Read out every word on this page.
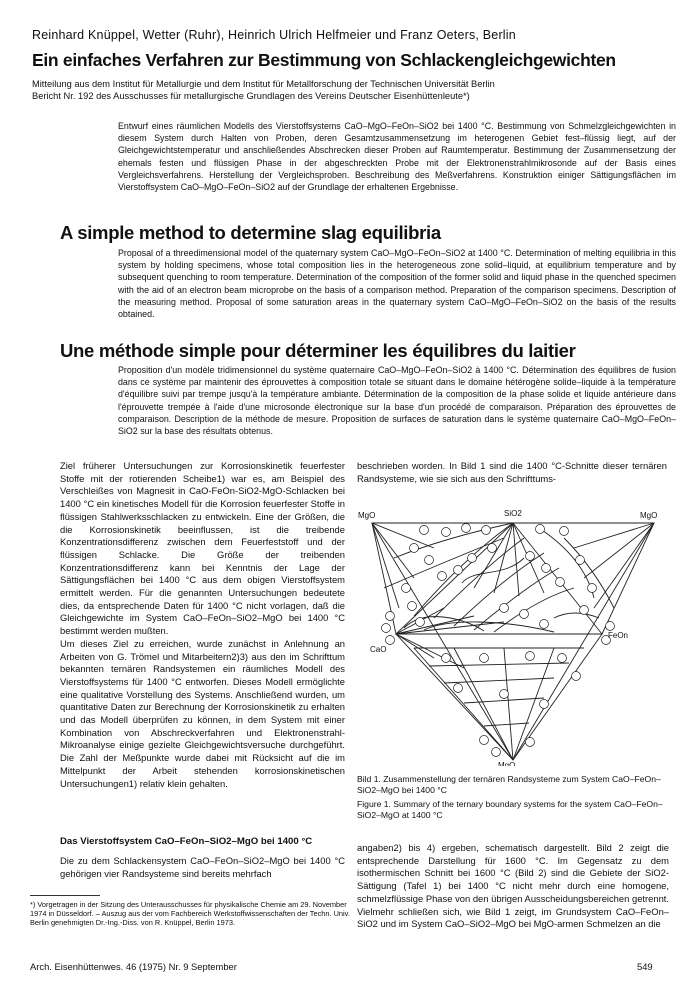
Reinhard Knüppel, Wetter (Ruhr), Heinrich Ulrich Helfmeier und Franz Oeters, Berlin
Ein einfaches Verfahren zur Bestimmung von Schlackengleichgewichten
Mitteilung aus dem Institut für Metallurgie und dem Institut für Metallforschung der Technischen Universität Berlin
Bericht Nr. 192 des Ausschusses für metallurgische Grundlagen des Vereins Deutscher Eisenhüttenleute*)
Entwurf eines räumlichen Modells des Vierstoffsystems CaO–MgO–FeOn–SiO2 bei 1400 °C. Bestimmung von Schmelzgleichgewichten in diesem System durch Halten von Proben, deren Gesamtzusammensetzung im heterogenen Gebiet fest–flüssig liegt, auf der Gleichgewichtstemperatur und anschließendes Abschrecken dieser Proben auf Raumtemperatur. Bestimmung der Zusammensetzung der ehemals festen und flüssigen Phase in der abgeschreckten Probe mit der Elektronenstrahlmikrosonde auf der Basis eines Vergleichsverfahrens. Herstellung der Vergleichsproben. Beschreibung des Meßverfahrens. Konstruktion einiger Sättigungsflächen im Vierstoffsystem CaO–MgO–FeOn–SiO2 auf der Grundlage der erhaltenen Ergebnisse.
A simple method to determine slag equilibria
Proposal of a threedimensional model of the quaternary system CaO–MgO–FeOn–SiO2 at 1400 °C. Determination of melting equilibria in this system by holding specimens, whose total composition lies in the heterogeneous zone solid–liquid, at equilibrium temperature and by subsequent quenching to room temperature. Determination of the composition of the former solid and liquid phase in the quenched specimen with the aid of an electron beam microprobe on the basis of a comparison method. Preparation of the comparison specimens. Description of the measuring method. Proposal of some saturation areas in the quaternary system CaO–MgO–FeOn–SiO2 on the basis of the results obtained.
Une méthode simple pour déterminer les équilibres du laitier
Proposition d'un modèle tridimensionnel du système quaternaire CaO–MgO–FeOn–SiO2 à 1400 °C. Détermination des équilibres de fusion dans ce système par maintenir des éprouvettes à composition totale se situant dans le domaine hétérogène solide–liquide à la température d'équilibre suivi par trempe jusqu'à la température ambiante. Détermination de la composition de la phase solide et liquide antérieure dans l'éprouvette trempée à l'aide d'une microsonde électronique sur la base d'un procédé de comparaison. Préparation des éprouvettes de comparaison. Description de la méthode de mesure. Proposition de surfaces de saturation dans le système quaternaire CaO–MgO–FeOn–SiO2 sur la base des résultats obtenus.

Ziel früherer Untersuchungen zur Korrosionskinetik feuerfester Stoffe mit der rotierenden Scheibe1) war es, am Beispiel des Verschleißes von Magnesit in CaO-FeOn-SiO2-MgO-Schlacken bei 1400 °C ein kinetisches Modell für die Korrosion feuerfester Stoffe in flüssigen Stahlwerksschlacken zu entwickeln. Eine der Größen, die die Korrosionskinetik beeinflussen, ist die treibende Konzentrationsdifferenz zwischen dem Feuerfeststoff und der flüssigen Schlacke. Die Größe der treibenden Konzentrationsdifferenz kann bei Kenntnis der Lage der Sättigungsflächen bei 1400 °C aus dem obigen Vierstoffsystem ermittelt werden. Für die genannten Untersuchungen bedeutete dies, da entsprechende Daten für 1400 °C nicht vorlagen, daß die Gleichgewichte im System CaO–FeOn–SiO2–MgO bei 1400 °C bestimmt werden mußten.

Um dieses Ziel zu erreichen, wurde zunächst in Anlehnung an Arbeiten von G. Trömel und Mitarbeitern2)3) aus den im Schrifttum bekannten ternären Randsystemen ein räumliches Modell des Vierstoffsystems für 1400 °C entworfen. Dieses Modell ermöglichte eine qualitative Vorstellung des Systems. Anschließend wurden, um quantitative Daten zur Berechnung der Korrosionskinetik zu erhalten und das Modell überprüfen zu können, in dem System mit einer Kombination von Abschreckverfahren und Elektronenstrahl-Mikroanalyse einige gezielte Gleichgewichtsversuche durchgeführt. Die Zahl der Meßpunkte wurde dabei mit Rücksicht auf die im Mittelpunkt der Arbeit stehenden korrosionskinetischen Untersuchungen1) relativ klein gehalten.

Das Vierstoffsystem CaO–FeOn–SiO2–MgO bei 1400 °C
Die zu dem Schlackensystem CaO–FeOn–SiO2–MgO bei 1400 °C gehörigen vier Randsysteme sind bereits mehrfach
*) Vorgetragen in der Sitzung des Unterausschusses für physikalische Chemie am 29. November 1974 in Düsseldorf. – Auszug aus der vom Fachbereich Werkstoffwissenschaften der Techn. Univ. Berlin genehmigten Dr.-Ing.-Diss. von R. Knüppel, Berlin 1973.
beschrieben worden. In Bild 1 sind die 1400 °C-Schnitte dieser ternären Randsysteme, wie sie sich aus den Schrifttums-
MgO	SiO2	MgO
CaO
FeOn
MgO
Bild 1. Zusammenstellung der ternären Randsysteme zum System CaO–FeOn–SiO2–MgO bei 1400 °C
Figure 1. Summary of the ternary boundary systems for the system CaO–FeOn–SiO2–MgO at 1400 °C
angaben2) bis 4) ergeben, schematisch dargestellt. Bild 2 zeigt die entsprechende Darstellung für 1600 °C. Im Gegensatz zu dem isothermischen Schnitt bei 1600 °C (Bild 2) sind die Gebiete der SiO2-Sättigung (Tafel 1) bei 1400 °C nicht mehr durch eine homogene, schmelzflüssige Phase von den übrigen Ausscheidungsbereichen getrennt. Vielmehr schließen sich, wie Bild 1 zeigt, im Grundsystem CaO–FeOn–SiO2 und im System CaO–SiO2–MgO bei MgO-armen Schmelzen an die
Arch. Eisenhüttenwes. 46 (1975) Nr. 9 September	549
